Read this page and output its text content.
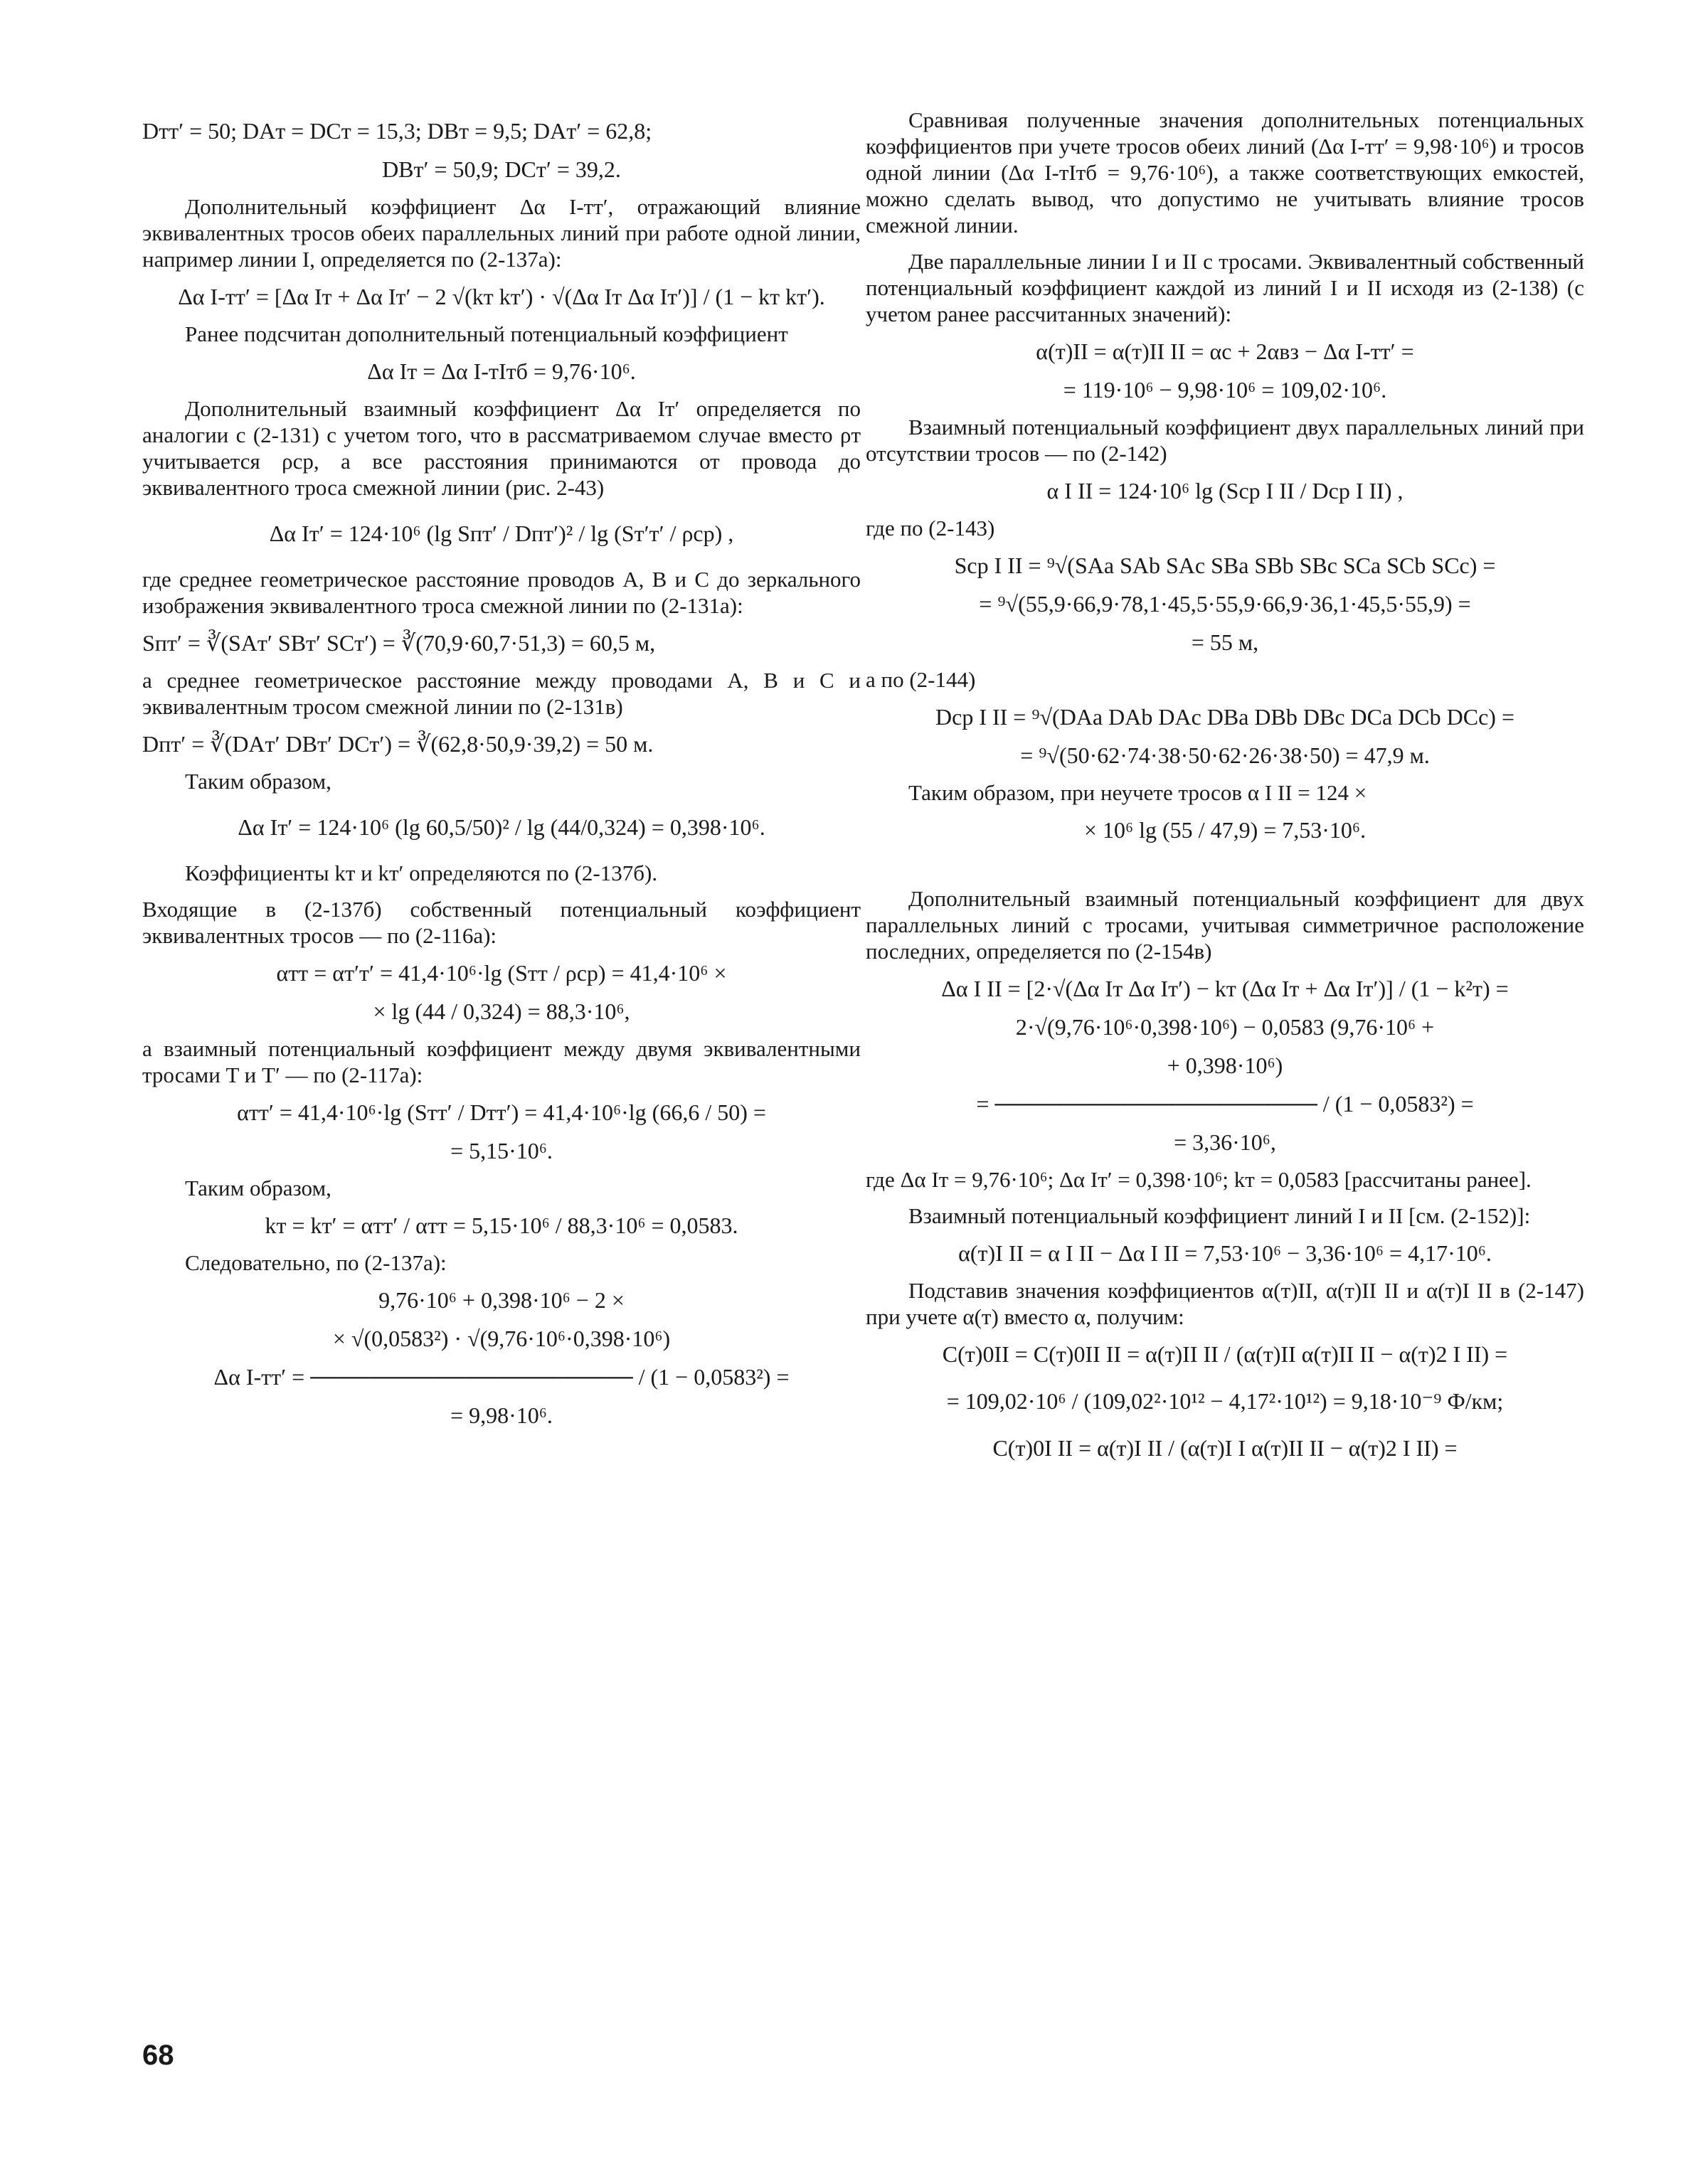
Dтт′ = 50; DAт = DCт = 15,3; DBт = 9,5; DAт′ = 62,8;
DBт′ = 50,9; DCт′ = 39,2.
Дополнительный коэффициент Δα I-тт′, отражающий влияние эквивалентных тросов обеих параллельных линий при работе одной линии, например линии I, определяется по (2-137а):
Δα I-тт′ = [Δα Iт + Δα Iт′ − 2 √(kт kт′) · √(Δα Iт Δα Iт′)] / (1 − kт kт′).
Ранее подсчитан дополнительный потенциальный коэффициент
Δα Iт = Δα I-тIтб = 9,76·10⁶.
Дополнительный взаимный коэффициент Δα Iт′ определяется по аналогии с (2-131) с учетом того, что в рассматриваемом случае вместо ρт учитывается ρср, а все расстояния принимаются от провода до эквивалентного троса смежной линии (рис. 2-43)
Δα Iт′ = 124·10⁶ (lg Sпт′ / Dпт′)² / lg (Sт′т′ / ρср) ,
где среднее геометрическое расстояние проводов A, B и C до зеркального изображения эквивалентного троса смежной линии по (2-131а):
Sпт′ = ∛(SAт′ SBт′ SCт′) = ∛(70,9·60,7·51,3) = 60,5 м,
а среднее геометрическое расстояние между проводами A, B и C и эквивалентным тросом смежной линии по (2-131в)
Dпт′ = ∛(DAт′ DBт′ DCт′) = ∛(62,8·50,9·39,2) = 50 м.
Таким образом,
Δα Iт′ = 124·10⁶ (lg 60,5/50)² / lg (44/0,324) = 0,398·10⁶.
Коэффициенты kт и kт′ определяются по (2-137б).
Входящие в (2-137б) собственный потенциальный коэффициент эквивалентных тросов — по (2-116а):
αтт = αт′т′ = 41,4·10⁶·lg (Sтт / ρср) = 41,4·10⁶ ×
× lg (44 / 0,324) = 88,3·10⁶,
а взаимный потенциальный коэффициент между двумя эквивалентными тросами T и T′ — по (2-117а):
αтт′ = 41,4·10⁶·lg (Sтт′ / Dтт′) = 41,4·10⁶·lg (66,6 / 50) =
= 5,15·10⁶.
Таким образом,
kт = kт′ = αтт′ / αтт = 5,15·10⁶ / 88,3·10⁶ = 0,0583.
Следовательно, по (2-137а):
9,76·10⁶ + 0,398·10⁶ − 2 ×
× √(0,0583²) · √(9,76·10⁶·0,398·10⁶)
Δα I-тт′ = ──────────────────── / (1 − 0,0583²) =
= 9,98·10⁶.
Сравнивая полученные значения дополнительных потенциальных коэффициентов при учете тросов обеих линий (Δα I-тт′ = 9,98·10⁶) и тросов одной линии (Δα I-тIтб = 9,76·10⁶), а также соответствующих емкостей, можно сделать вывод, что допустимо не учитывать влияние тросов смежной линии.
Две параллельные линии I и II с тросами. Эквивалентный собственный потенциальный коэффициент каждой из линий I и II исходя из (2-138) (с учетом ранее рассчитанных значений):
α(т)II = α(т)II II = αс + 2αвз − Δα I-тт′ =
= 119·10⁶ − 9,98·10⁶ = 109,02·10⁶.
Взаимный потенциальный коэффициент двух параллельных линий при отсутствии тросов — по (2-142)
α I II = 124·10⁶ lg (Sср I II / Dср I II) ,
где по (2-143)
Sср I II = ⁹√(SAa SAb SAc SBa SBb SBc SCa SCb SCc) =
= ⁹√(55,9·66,9·78,1·45,5·55,9·66,9·36,1·45,5·55,9) =
= 55 м,
а по (2-144)
Dср I II = ⁹√(DAa DAb DAc DBa DBb DBc DCa DCb DCc) =
= ⁹√(50·62·74·38·50·62·26·38·50) = 47,9 м.
Таким образом, при неучете тросов α I II = 124 ×
× 10⁶ lg (55 / 47,9) = 7,53·10⁶.
Дополнительный взаимный потенциальный коэффициент для двух параллельных линий с тросами, учитывая симметричное расположение последних, определяется по (2-154в)
Δα I II = [2·√(Δα Iт Δα Iт′) − kт (Δα Iт + Δα Iт′)] / (1 − k²т) =
2·√(9,76·10⁶·0,398·10⁶) − 0,0583 (9,76·10⁶ +
+ 0,398·10⁶)
= ──────────────────── / (1 − 0,0583²) =
= 3,36·10⁶,
где Δα Iт = 9,76·10⁶; Δα Iт′ = 0,398·10⁶; kт = 0,0583 [рассчитаны ранее].
Взаимный потенциальный коэффициент линий I и II [см. (2-152)]:
α(т)I II = α I II − Δα I II = 7,53·10⁶ − 3,36·10⁶ = 4,17·10⁶.
Подставив значения коэффициентов α(т)II, α(т)II II и α(т)I II в (2-147) при учете α(т) вместо α, получим:
C(т)0II = C(т)0II II = α(т)II II / (α(т)II α(т)II II − α(т)2 I II) =
= 109,02·10⁶ / (109,02²·10¹² − 4,17²·10¹²) = 9,18·10⁻⁹ Ф/км;
C(т)0I II = α(т)I II / (α(т)I I α(т)II II − α(т)2 I II) =
68
